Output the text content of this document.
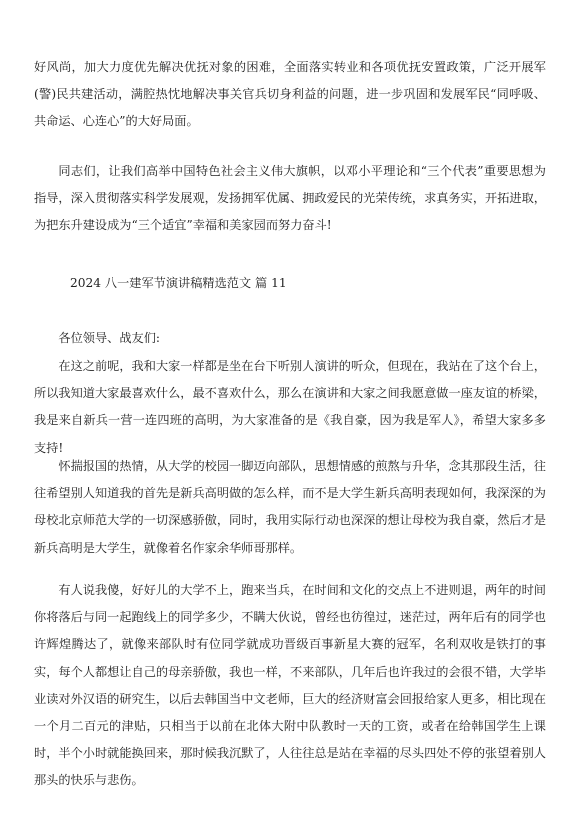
好风尚，加大力度优先解决优抚对象的困难，全面落实转业和各项优抚安置政策，广泛开展军(警)民共建活动，满腔热忱地解决事关官兵切身利益的问题，进一步巩固和发展军民“同呼吸、共命运、心连心”的大好局面。

同志们，让我们高举中国特色社会主义伟大旗帜，以邓小平理论和“三个代表”重要思想为指导，深入贯彻落实科学发展观，发扬拥军优属、拥政爱民的光荣传统，求真务实，开拓进取，为把东升建设成为“三个适宜”幸福和美家园而努力奋斗!

2024 八一建军节演讲稿精选范文 篇 11

各位领导、战友们:

在这之前呢，我和大家一样都是坐在台下听别人演讲的听众，但现在，我站在了这个台上，所以我知道大家最喜欢什么，最不喜欢什么，那么在演讲和大家之间我愿意做一座友谊的桥梁，我是来自新兵一营一连四班的高明，为大家准备的是《我自豪，因为我是军人》，希望大家多多支持!

怀揣报国的热情，从大学的校园一脚迈向部队，思想情感的煎熬与升华，念其那段生活，往往希望别人知道我的首先是新兵高明做的怎么样，而不是大学生新兵高明表现如何，我深深的为母校北京师范大学的一切深感骄傲，同时，我用实际行动也深深的想让母校为我自豪，然后才是新兵高明是大学生，就像着名作家余华师哥那样。

有人说我傻，好好儿的大学不上，跑来当兵，在时间和文化的交点上不进则退，两年的时间你将落后与同一起跑线上的同学多少，不瞒大伙说，曾经也彷徨过，迷茫过，两年后有的同学也许辉煌腾达了，就像来部队时有位同学就成功晋级百事新星大赛的冠军，名利双收是铁打的事实，每个人都想让自己的母亲骄傲，我也一样，不来部队，几年后也许我过的会很不错，大学毕业读对外汉语的研究生，以后去韩国当中文老师，巨大的经济财富会回报给家人更多，相比现在一个月二百元的津贴，只相当于以前在北体大附中队教时一天的工资，或者在给韩国学生上课时，半个小时就能换回来，那时候我沉默了，人往往总是站在幸福的尽头四处不停的张望着别人那头的快乐与悲伤。
